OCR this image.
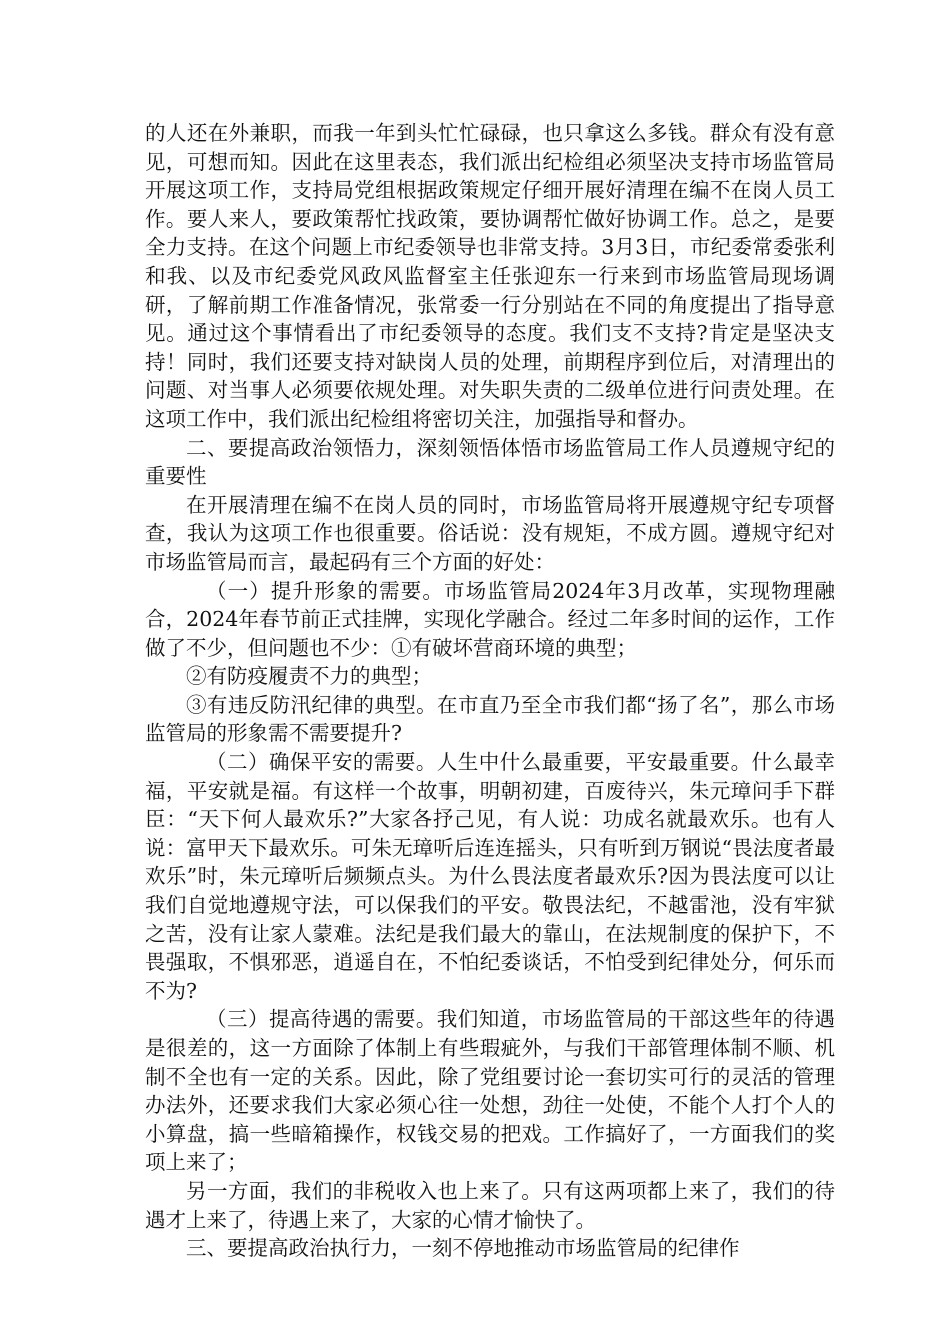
的人还在外兼职，而我一年到头忙忙碌碌，也只拿这么多钱。群众有没有意见，可想而知。因此在这里表态，我们派出纪检组必须坚决支持市场监管局开展这项工作，支持局党组根据政策规定仔细开展好清理在编不在岗人员工作。要人来人，要政策帮忙找政策，要协调帮忙做好协调工作。总之，是要全力支持。在这个问题上市纪委领导也非常支持。3月3日，市纪委常委张利和我、以及市纪委党风政风监督室主任张迎东一行来到市场监管局现场调研，了解前期工作准备情况，张常委一行分别站在不同的角度提出了指导意见。通过这个事情看出了市纪委领导的态度。我们支不支持?肯定是坚决支持！同时，我们还要支持对缺岗人员的处理，前期程序到位后，对清理出的问题、对当事人必须要依规处理。对失职失责的二级单位进行问责处理。在这项工作中，我们派出纪检组将密切关注，加强指导和督办。

二、要提高政治领悟力，深刻领悟体悟市场监管局工作人员遵规守纪的重要性

在开展清理在编不在岗人员的同时，市场监管局将开展遵规守纪专项督查，我认为这项工作也很重要。俗话说：没有规矩，不成方圆。遵规守纪对市场监管局而言，最起码有三个方面的好处：

（一）提升形象的需要。市场监管局2024年3月改革，实现物理融合，2024年春节前正式挂牌，实现化学融合。经过二年多时间的运作，工作做了不少，但问题也不少：①有破坏营商环境的典型；

②有防疫履责不力的典型；

③有违反防汛纪律的典型。在市直乃至全市我们都“扬了名”，那么市场监管局的形象需不需要提升?

（二）确保平安的需要。人生中什么最重要，平安最重要。什么最幸福，平安就是福。有这样一个故事，明朝初建，百废待兴，朱元璋问手下群臣：“天下何人最欢乐?”大家各抒己见，有人说：功成名就最欢乐。也有人说：富甲天下最欢乐。可朱无璋听后连连摇头，只有听到万钢说“畏法度者最欢乐”时，朱元璋听后频频点头。为什么畏法度者最欢乐?因为畏法度可以让我们自觉地遵规守法，可以保我们的平安。敬畏法纪，不越雷池，没有牢狱之苦，没有让家人蒙难。法纪是我们最大的靠山，在法规制度的保护下，不畏强取，不惧邪恶，逍遥自在，不怕纪委谈话，不怕受到纪律处分，何乐而不为?

（三）提高待遇的需要。我们知道，市场监管局的干部这些年的待遇是很差的，这一方面除了体制上有些瑕疵外，与我们干部管理体制不顺、机制不全也有一定的关系。因此，除了党组要讨论一套切实可行的灵活的管理办法外，还要求我们大家必须心往一处想，劲往一处使，不能个人打个人的小算盘，搞一些暗箱操作，权钱交易的把戏。工作搞好了，一方面我们的奖项上来了；

另一方面，我们的非税收入也上来了。只有这两项都上来了，我们的待遇才上来了，待遇上来了，大家的心情才愉快了。

三、要提高政治执行力，一刻不停地推动市场监管局的纪律作
